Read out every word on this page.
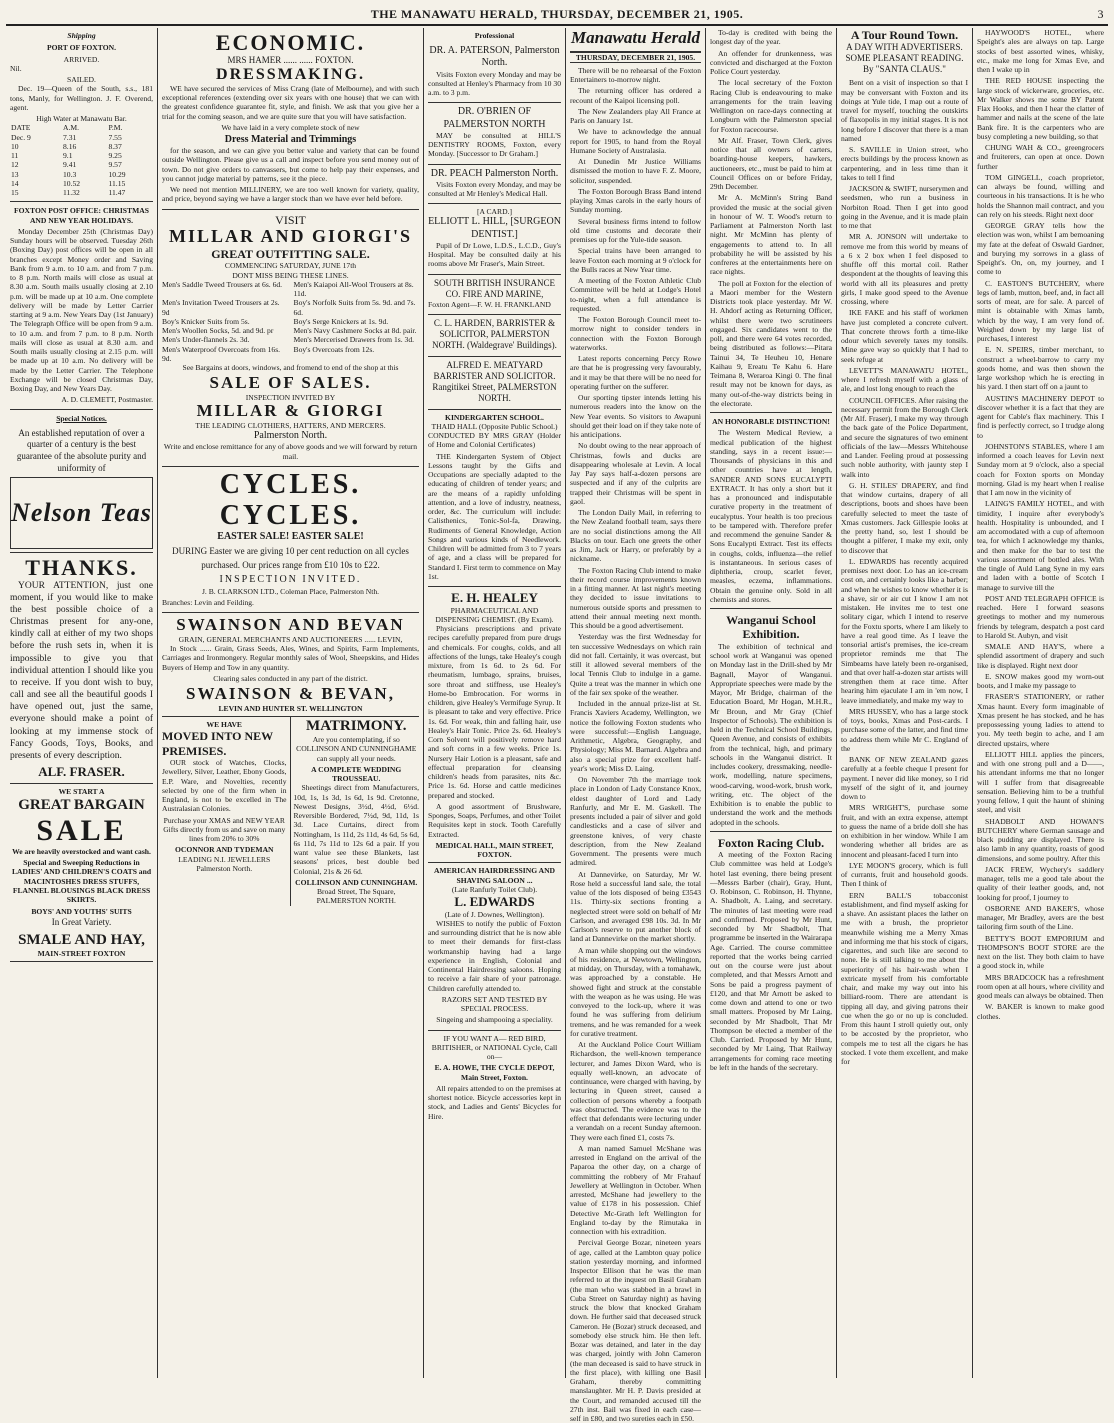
THE MANAWATU HERALD, THURSDAY, DECEMBER 21, 1905.	3
Shipping
PORT OF FOXTON.
ARRIVED.

Nil.

SAILED.

Dec. 19—Queen of the South, s.s., 181 tons, Manly, for Wellington. J. F. Overend, agent.

High Water at Manawatu Bar.
DATE	A.M.	P.M.
Dec. 9	7.31	7.55
10	8.16	8.37
11	9.1	9.25
12	9.41	9.57
13	10.3	10.29
14	10.52	11.15
15	11.32	11.47
FOXTON POST OFFICE: CHRISTMAS AND NEW YEAR HOLIDAYS.

Monday December 25th (Christmas Day) Sunday hours will be observed. Tuesday 26th (Boxing Day) post offices will be open in all branches except Money order and Saving Bank from 9 a.m. to 10 a.m. and from 7 p.m. to 8 p.m. North mails will close as usual at 8.30 a.m. South mails usually closing at 2.10 p.m. will be made up at 10 a.m. One complete delivery will be made by Letter Carrier starting at 9 a.m. New Years Day (1st January) The Telegraph Office will be open from 9 a.m. to 10 a.m. and from 7 p.m. to 8 p.m. North mails will close as usual at 8.30 a.m. and South mails usually closing at 2.15 p.m. will be made up at 10 a.m. No delivery will be made by the Letter Carrier. The Telephone Exchange will be closed Christmas Day, Boxing Day, and New Years Day.

A. D. CLEMETT, Postmaster.

Special Notices.

An established reputation of over a quarter of a century is the best guarantee of the absolute purity and uniformity of

Nelson Teas
THANKS.

YOUR ATTENTION, just one moment, if you would like to make the best possible choice of a Christmas present for any-one, kindly call at either of my two shops before the rush sets in, when it is impossible to give you that individual attention I should like you to receive. If you dont wish to buy, call and see all the beautiful goods I have opened out, just the same, everyone should make a point of looking at my immense stock of Fancy Goods, Toys, Books, and presents of every description.

ALF. FRASER.
WE START A
GREAT BARGAIN
SALE

We are heavily overstocked and want cash.

Special and Sweeping Reductions in LADIES' AND CHILDREN'S COATS and MACINTOSHES DRESS STUFFS, FLANNEL BLOUSINGS BLACK DRESS SKIRTS.

BOYS' AND YOUTHS' SUITS
In Great Variety.
SMALE AND HAY,
MAIN-STREET FOXTON
ECONOMIC.
MRS HAMER ...... ...... FOXTON.
DRESSMAKING.

WE have secured the services of Miss Crang (late of Melbourne), and with such exceptional references (extending over six years with one house) that we can with the greatest confidence guarantee fit, style, and finish. We ask that you give her a trial for the coming season, and we are quite sure that you will have satisfaction.

We have laid in a very complete stock of new

Dress Material and Trimmings

for the season, and we can give you better value and variety that can be found outside Wellington. Please give us a call and inspect before you send money out of town. Do not give orders to canvassers, but come to help pay their expenses, and you cannot judge material by patterns, see it the piece.

We need not mention MILLINERY, we are too well known for variety, quality, and price, beyond saying we have a larger stock than we have ever held before.

VISIT
MILLAR AND GIORGI'S
GREAT OUTFITTING SALE.
COMMENCING SATURDAY, JUNE 17th
DONT MISS BEING THESE LINES.
Men's Saddle Tweed Trousers at 6s. 6d.	Men's Kaiapoi All-Wool Trousers at 8s. 11d.
Men's Invitation Tweed Trousers at 2s. 9d
Boy's Norfolk Suits from 5s. 9d. and 7s. 6d.
Boy's Knicker Suits from 5s.	Boy's Serge Knickers at 1s. 9d.
Men's Woollen Socks, 5d. and 9d. pr	Men's Navy Cashmere Socks at 8d. pair.
Men's Under-flannels 2s. 3d.	Men's Mercerised Drawers from 1s. 3d.
Men's Waterproof Overcoats from 16s. 9d.
Boy's Overcoats from 12s.

See Bargains at doors, windows, and fromend to end of the shop at this

SALE OF SALES.
INSPECTION INVITED BY
MILLAR & GIORGI
THE LEADING CLOTHIERS, HATTERS, AND MERCERS.
Palmerston North.

Write and enclose remittance for any of above goods and we will forward by return mail.

CYCLES. CYCLES.
EASTER SALE! EASTER SALE!

DURING Easter we are giving 10 per cent reduction on all cycles purchased. Our prices range from £10 10s to £22.

INSPECTION INVITED.

J. B. CLARKSON LTD., Coleman Place, Palmerston Nth.

Branches: Levin and Feilding.

SWAINSON AND BEVAN
GRAIN, GENERAL MERCHANTS AND AUCTIONEERS ...... LEVIN,

In Stock ...... Grain, Grass Seeds, Ales, Wines, and Spirits, Farm Implements, Carriages and Ironmongery. Regular monthly sales of Wool, Sheepskins, and Hides Buyers of Hemp and Tow in any quantity.

Clearing sales conducted in any part of the district.

SWAINSON & BEVAN,
LEVIN AND HUNTER ST. WELLINGTON
WE HAVE
MOVED INTO NEW PREMISES.

OUR stock of Watches, Clocks, Jewellery, Silver, Leather, Ebony Goods, E.P. Ware, and Novelties, recently selected by one of the firm when in England, is not to be excelled in The Australasian Colonies.

Purchase your XMAS and NEW YEAR Gifts directly from us and save on many lines from 20% to 30%

OCONNOR AND TYDEMAN
LEADING N.I. JEWELLERS
Palmerston North.
MATRIMONY.

Are you contemplating, if so COLLINSON AND CUNNINGHAME can supply all your needs.

A COMPLETE WEDDING TROUSSEAU.

Sheetings direct from Manufacturers, 10d, 1s, 1s 3d, 1s 6d, 1s 9d. Cretonne, Newest Designs, 3½d, 4½d, 6½d. Reversible Bordered, 7½d, 9d, 11d, 1s 3d. Lace Curtains, direct from Nottingham, 1s 11d, 2s 11d, 4s 6d, 5s 6d, 6s 11d, 7s 11d to 12s 6d a pair. If you want value see these Blankets, last seasons' prices, best double bed Colonial, 21s & 26 6d.

COLLINSON AND CUNNINGHAM.
Broad Street, The Square, PALMERSTON NORTH.
Professional
DR. A. PATERSON, Palmerston North.

Visits Foxton every Monday and may be consulted at Henley's Pharmacy from 10 30 a.m. to 3 p.m.

DR. O'BRIEN OF PALMERSTON NORTH

MAY be consulted at HILL'S DENTISTRY ROOMS, Foxton, every Monday. [Successor to Dr Graham.]

DR. PEACH Palmerston North.

Visits Foxton every Monday, and may be consulted at Mr Henley's Medical Hall.

[A CARD.]
ELLIOTT L. HILL, [SURGEON DENTIST.]

Pupil of Dr Lowe, L.D.S., L.C.D., Guy's Hospital. May be consulted daily at his rooms above Mr Fraser's, Main Street.

SOUTH BRITISH INSURANCE CO. FIRE AND MARINE,

Foxton Agent—F. W. H. FRANKLAND

C. L. HARDEN, BARRISTER & SOLICITOR, PALMERSTON NORTH. (Waldegrave' Buildings).

ALFRED E. MEATYARD BARRISTER AND SOLICITOR. Rangitikei Street, PALMERSTON NORTH.

KINDERGARTEN SCHOOL.
THAID HALL (Opposite Public School.)

CONDUCTED BY MRS GRAY (Holder of Home and Colonial Certificates)

THE Kindergarten System of Object Lessons taught by the Gifts and Occupations are specially adapted to the educating of children of tender years; and are the means of a rapidly unfolding attention, and a love of industry, neatness, order, &c. The curriculum will include: Calisthenics, Tonic-Sol-fa, Drawing, Rudiments of General Knowledge, Action Songs and various kinds of Needlework. Children will be admitted from 3 to 7 years of age, and a class will be prepared for Standard I. First term to commence on May 1st.

E. H. HEALEY
PHARMACEUTICAL AND DISPENSING CHEMIST. (By Exam).

Physicians prescriptions and private recipes carefully prepared from pure drugs and chemicals. For coughs, colds, and all affections of the lungs, take Healey's cough mixture, from 1s 6d. to 2s 6d. For rheumatism, lumbago, sprains, bruises, sore throat and stiffness, use Healey's Home-bo Embrocation. For worms in children, give Healey's Vermifuge Syrup. It is pleasant to take and very effective. Price 1s. 6d. For weak, thin and falling hair, use Healey's Hair Tonic. Price 2s. 6d. Healey's Corn Solvent will positively remove hard and soft corns in a few weeks. Price 1s. Nursery Hair Lotion is a pleasant, safe and effectual preparation for cleansing children's heads from parasites, nits &c. Price 1s. 6d. Horse and cattle medicines prepared and stocked.

A good assortment of Brushware, Sponges, Soaps, Perfumes, and other Toilet Requisites kept in stock. Tooth Carefully Extracted.

MEDICAL HALL, MAIN STREET, FOXTON.
AMERICAN HAIRDRESSING AND SHAVING SALOON ...
(Late Ranfurly Toilet Club).
L. EDWARDS
(Late of J. Downes, Wellington).

WISHES to notify the public of Foxton and surrounding district that he is now able to meet their demands for first-class workmanship having had a large experience in English, Colonial and Continental Hairdressing saloons. Hoping to receive a fair share of your patronage. Children carefully attended to.

RAZORS SET AND TESTED BY SPECIAL PROCESS.

Singeing and shampooing a speciality.

IF YOU WANT A— RED BIRD, BRITISHER, or NATIONAL Cycle, Call on—

E. A. HOWE, THE CYCLE DEPOT, Main Street, Foxton.

All repairs attended to on the premises at shortest notice. Bicycle accessories kept in stock, and Ladies and Gents' Bicycles for Hire.

Manawatu Herald
THURSDAY, DECEMBER 21, 1905.

There will be no rehearsal of the Foxton Entertainers to-morrow night.

The returning officer has ordered a recount of the Kaipoi licensing poll.

The New Zealanders play All France at Paris on January 1st.

We have to acknowledge the annual report for 1905, to hand from the Royal Humane Society of Australasia.

At Dunedin Mr Justice Williams dismissed the motion to have F. Z. Moore, solicitor, suspended.

The Foxton Borough Brass Band intend playing Xmas carols in the early hours of Sunday morning.

Several business firms intend to follow old time customs and decorate their premises up for the Yule-tide season.

Special trains have been arranged to leave Foxton each morning at 9 o'clock for the Bulls races at New Year time.

A meeting of the Foxton Athletic Club Committee will be held at Lodge's Hotel to-night, when a full attendance is requested.

The Foxton Borough Council meet to-morrow night to consider tenders in connection with the Foxton Borough waterworks.

Latest reports concerning Percy Rowe are that he is progressing very favourably, and it may be that there will be no need for operating further on the sufferer.

Our sporting tipster intends letting his numerous readers into the know on the New Year events. So visitors to Awapuni should get their load on if they take note of his anticipations.

No doubt owing to the near approach of Christmas, fowls and ducks are disappearing wholesale at Levin. A local Jay Pay says half-a-dozen persons are suspected and if any of the culprits are trapped their Christmas will be spent in gaol.

The London Daily Mail, in referring to the New Zealand football team, says there are no social distinctions among the All Blacks on tour. Each one greets the other as Jim, Jack or Harry, or preferably by a nickname.

The Foxton Racing Club intend to make their record course improvements known in a fitting manner. At last night's meeting they decided to issue invitations to numerous outside sports and pressmen to attend their annual meeting next month. This should be a good advertisement.

Yesterday was the first Wednesday for ten successive Wednesdays on which rain did not fall. Certainly, it was overcast, but still it allowed several members of the local Tennis Club to indulge in a game. Quite a treat was the manner in which one of the fair sex spoke of the weather.

Included in the annual prize-list at St. Francis Xaviers Academy, Wellington, we notice the following Foxton students who were successful:—English Language, Arithmetic, Algebra, Geography, and Physiology; Miss M. Barnard. Algebra and also a special prize for excellent half-year's work; Miss D. Laing.

On November 7th the marriage took place in London of Lady Constance Knox, eldest daughter of Lord and Lady Ranfurly, and Mr E. M. Gaskell. The presents included a pair of silver and gold candlesticks and a case of silver and greenstone knives, of very chaste description, from the New Zealand Government. The presents were much admired.

At Dannevirke, on Saturday, Mr W. Rose held a successful land sale, the total value of the lots disposed of being £3543 11s. Thirty-six sections fronting a neglected street were sold on behalf of Mr Carlson, and averaged £98 10s. 3d. In Mr Carlson's reserve to put another block of land at Dannevirke on the market shortly.

A man while shopping out the windows of his residence, at Newtown, Wellington, at midday, on Thursday, with a tomahawk, was approached by a constable. He showed fight and struck at the constable with the weapon as he was using. He was conveyed to the lock-up, where it was found he was suffering from delirium tremens, and he was remanded for a week for curative treatment.

At the Auckland Police Court William Richardson, the well-known temperance lecturer, and James Dixon Ward, who is equally well-known, an advocate of continuance, were charged with having, by lecturing in Queen street, caused a collection of persons whereby a footpath was obstructed. The evidence was to the effect that defendants were lecturing under a verandah on a recent Sunday afternoon. They were each fined £1, costs 7s.

A man named Samuel McShane was arrested in England on the arrival of the Paparoa the other day, on a charge of committing the robbery of Mr Frahauf Jewellery at Wellington in October. When arrested, McShane had jewellery to the value of £178 in his possession. Chief Detective Mc-Grath left Wellington for England to-day by the Rimutaka in connection with his extradition.

Percival George Bozar, nineteen years of age, called at the Lambton quay police station yesterday morning, and informed Inspector Ellison that he was the man referred to at the inquest on Basil Graham (the man who was stabbed in a brawl in Cuba Street on Saturday night) as having struck the blow that knocked Graham down. He further said that deceased struck Cameron. He (Bozar) struck deceased, and somebody else struck him. He then left. Bozar was detained, and later in the day was charged, jointly with John Cameron (the man deceased is said to have struck in the first place), with killing one Basil Graham, thereby committing manslaughter. Mr H. P. Davis presided at the Court, and remanded accused till the 27th inst. Bail was fixed in each case—self in £80, and two sureties each in £50.

To-day is credited with being the longest day of the year.

An offender for drunkenness, was convicted and discharged at the Foxton Police Court yesterday.

The local secretary of the Foxton Racing Club is endeavouring to make arrangements for the train leaving Wellington on race-days connecting at Longburn with the Palmerston special for Foxton racecourse.

Mr Alf. Fraser, Town Clerk, gives notice that all owners of carters, boarding-house keepers, hawkers, auctioneers, etc., must be paid to him at Council Offices on or before Friday, 29th December.

Mr A. McMinn's String Band provided the music at the social given in honour of W. T. Wood's return to Parliament at Palmerston North last night. Mr McMinn has plenty of engagements to attend to. In all probability he will be assisted by his confreres at the entertainments here on race nights.

The poll at Foxton for the election of a Maori member for the Western Districts took place yesterday. Mr W. H. Ahdorf acting as Returning Officer, whilst there were two scrutineers engaged. Six candidates went to the poll, and there were 64 votes recorded, being distributed as follows:—Pitara Tainui 34, Te Heuheu 10, Henare Kaihau 9, Ereatu Te Kahu 6. Hare Teimana 8, Weraroa Kingi 0. The final result may not be known for days, as many out-of-the-way districts being in the electorate.

AN HONORABLE DISTINCTION!

The Western Medical Review, a medical publication of the highest standing, says in a recent issue:—Thousands of physicians in this and other countries have at length, SANDER AND SONS EUCALYPTI EXTRACT. It has only a short but it has a pronounced and indisputable curative property in the treatment of eucalyptus. Your health is too precious to be tampered with. Therefore prefer and recommend the genuine Sander & Sons Eucalypti Extract. Test its effects in coughs, colds, influenza—the relief is instantaneous. In serious cases of diphtheria, croup, scarlet fever, measles, eczema, inflammations. Obtain the genuine only. Sold in all chemists and stores.

Wanganui School Exhibition.

The exhibition of technical and school work at Wanganui was opened on Monday last in the Drill-shed by Mr Bagnall, Mayor of Wanganui. Appropriate speeches were made by the Mayor, Mr Bridge, chairman of the Education Board, Mr Hogan, M.H.R., Mr Broun, and Mr Gray (Chief Inspector of Schools). The exhibition is held in the Technical School Buildings, Queen Avenue, and consists of exhibits from the technical, high, and primary schools in the Wanganui district. It includes cookery, dressmaking, needle-work, modelling, nature specimens, wood-carving, wood-work, brush work, writing, etc. The object of the Exhibition is to enable the public to understand the work and the methods adopted in the schools.

Foxton Racing Club.

A meeting of the Foxton Racing Club committee was held at Lodge's hotel last evening, there being present—Messrs Barber (chair), Gray, Hunt, O. Robinson, C. Robinson, H. Thynne, A. Shadbolt, A. Laing, and secretary. The minutes of last meeting were read and confirmed. Proposed by Mr Hunt, seconded by Mr Shadbolt, That programme be inserted in the Wairarapa Age. Carried. The course committee reported that the works being carried out on the course were just about completed, and that Messrs Arnott and Sons be paid a progress payment of £120, and that Mr Arnott be asked to come down and attend to one or two small matters. Proposed by Mr Laing, seconded by Mr Shadbolt, That Mr Thompson be elected a member of the Club. Carried. Proposed by Mr Hunt, seconded by Mr Laing, That Railway arrangements for coming race meeting be left in the hands of the secretary.

A Tour Round Town.
A DAY WITH ADVERTISERS.
SOME PLEASANT READING.
By "SANTA CLAUS."

Bent on a visit of inspection so that I may be conversant with Foxton and its doings at Yule tide, I map out a route of travel for myself, touching the outskirts of flaxopolis in my initial stages. It is not long before I discover that there is a man named

S. SAVILLE in Union street, who erects buildings by the process known as carpentering, and in less time than it takes to tell I find

JACKSON & SWIFT, nurserymen and seedsmen, who run a business in Norbiton Road. Then I get into good going in the Avenue, and it is made plain to me that

MR A. JONSON will undertake to remove me from this world by means of a 6 x 2 box when I feel disposed to shuffle off this mortal coil. Rather despondent at the thoughts of leaving this world with all its pleasures and pretty girls, I make good speed to the Avenue crossing, where

IKE FAKE and his staff of workmen have just completed a concrete culvert. That concrete throws forth a time-like odour which severely taxes my tonsils. Mine gave way so quickly that I had to seek refuge at

LEVETT'S MANAWATU HOTEL, where I refresh myself with a glass of ale, and lost long enough to reach the

COUNCIL OFFICES. After raising the necessary permit from the Borough Clerk (Mr Alf. Fraser), I make my way through the back gate of the Police Department, and secure the signatures of two eminent officials of the law—Messrs Whitehouse and Lander. Feeling proud at possessing such noble authority, with jaunty step I walk into

G. H. STILES' DRAPERY, and find that window curtains, drapery of all descriptions, boots and shoes have been carefully selected to meet the taste of Xmas customers. Jack Gillespie looks at the pretty hand, so, lest I should be thought a pilferer, I make my exit, only to discover that

L. EDWARDS has recently acquired premises next door. Lo has an ice-cream cost on, and certainly looks like a barber; and when he wishes to know whether it is a shave, sir or air cut I know I am not mistaken. He invites me to test one solitary cigar, which I intend to reserve for the Foxtu sports, where I am likely to have a real good time. As I leave the tonsorial artist's premises, the ice-cream proprietor reminds me that The Simbeams have lately been re-organised, and that over half-a-dozen star artists will strengthen them at race time. After hearing him ejaculate I am in 'em now, I leave immediately, and make my way to

MRS HUSSEY, who has a large stock of toys, books, Xmas and Post-cards. I purchase some of the latter, and find time to address them while Mr C. England of the

BANK OF NEW ZEALAND gazes carefully at a feeble cheque I present for payment. I never did like money, so I rid myself of the sight of it, and journey down to

MRS WRIGHT'S, purchase some fruit, and with an extra expense, attempt to guess the name of a bride doll she has on exhibition in her window. While I am wondering whether all brides are as innocent and pleasant-faced I turn into

LYE MOON'S grocery, which is full of currants, fruit and household goods. Then I think of

ERN BALL'S tobacconist establishment, and find myself asking for a shave. An assistant places the lather on me with a brush, the proprietor meanwhile wishing me a Merry Xmas and informing me that his stock of cigars, cigarettes, and such like are second to none. He is still talking to me about the superiority of his hair-wash when I extricate myself from his comfortable chair, and make my way out into his billiard-room. There are attendant is tipping all day, and giving patrons their cue when the go or no up is concluded. From this haunt I stroll quietly out, only to be accosted by the proprietor, who compels me to test all the cigars he has stocked. I vote them excellent, and make for

HAYWOOD'S HOTEL, where Speight's ales are always on tap. Large stocks of best assorted wines, whisky, etc., make me long for Xmas Eve, and then I wake up in

THE RED HOUSE inspecting the large stock of wickerware, groceries, etc. Mr Walker shows me some BY Patent Flax Hooks, and then I hear the clatter of hammer and nails at the scene of the late Bank fire. It is the carpenters who are busy completing a new building, so that

CHUNG WAH & CO., greengrocers and fruiterers, can open at once. Down further

TOM GINGELL, coach proprietor, can always be found, willing and courteous in his transactions. It is he who holds the Shannon mail contract, and you can rely on his steeds. Right next door

GEORGE GRAY tells how the election was won, whilst I am bemoaning my fate at the defeat of Oswald Gardner, and burying my sorrows in a glass of Speight's. On, on, my journey, and I come to

C. EASTON'S BUTCHERY, where legs of lamb, mutton, beef, and, in fact all sorts of meat, are for sale. A parcel of mint is obtainable with Xmas lamb, which by the way, I am very fond of. Weighed down by my large list of purchases, I interest

E. N. SPEIRS, timber merchant, to construct a wheel-barrow to carry my goods home, and was then shown the large workshop which he is erecting in his yard. I then start off on a jaunt to

AUSTIN'S MACHINERY DEPOT to discover whether it is a fact that they are agent for Cable's flax machinery. This I find is perfectly correct, so I trudge along to

JOHNSTON'S STABLES, where I am informed a coach leaves for Levin next Sunday morn at 9 o'clock, also a special coach for Foxton sports on Monday morning. Glad is my heart when I realise that I am now in the vicinity of

LAING'S FAMILY HOTEL, and with timidity, I inquire after everybody's health. Hospitality is unbounded, and I am accomodated with a cup of afternoon tea, for which I acknowledge my thanks, and then make for the bar to test the various assortment of bottled ales. With the tingle of Auld Lang Syne in my ears and laden with a bottle of Scotch I manage to survive till the

POST AND TELEGRAPH OFFICE is reached. Here I forward seasons greetings to mother and my numerous friends by telegram, despatch a post card to Harold St. Aubyn, and visit

SMALE AND HAY'S, where a splendid assortment of drapery and such like is displayed. Right next door

E. SNOW makes good my worn-out boots, and I make my passage to

FRASER'S STATIONERY, or rather Xmas haunt. Every form imaginable of Xmas present he has stocked, and he has prepossessing young ladies to attend to you. My teeth begin to ache, and I am directed upstairs, where

ELLIOTT HILL applies the pincers, and with one strong pull and a D——, his attendant informs me that no longer will I suffer from that disagreeable sensation. Believing him to be a truthful young fellow, I quit the haunt of shining steel, and visit

SHADBOLT AND HOWAN'S BUTCHERY where German sausage and black pudding are displayed. There is also lamb in any quantity, roasts of good dimensions, and some poultry. After this

JACK FREW, Wychery's saddlery manager, tells me a good tale about the quality of their leather goods, and, not looking for proof, I journey to

OSBORNE AND BAKER'S, whose manager, Mr Bradley, avers are the best tailoring firm south of the Line.

BETTY'S BOOT EMPORIUM and THOMPSON'S BOOT STORE are the next on the list. They both claim to have a good stock in, while

MRS BRADCOCK has a refreshment room open at all hours, where civility and good meals can always be obtained. Then

W. BAKER is known to make good clothes.
